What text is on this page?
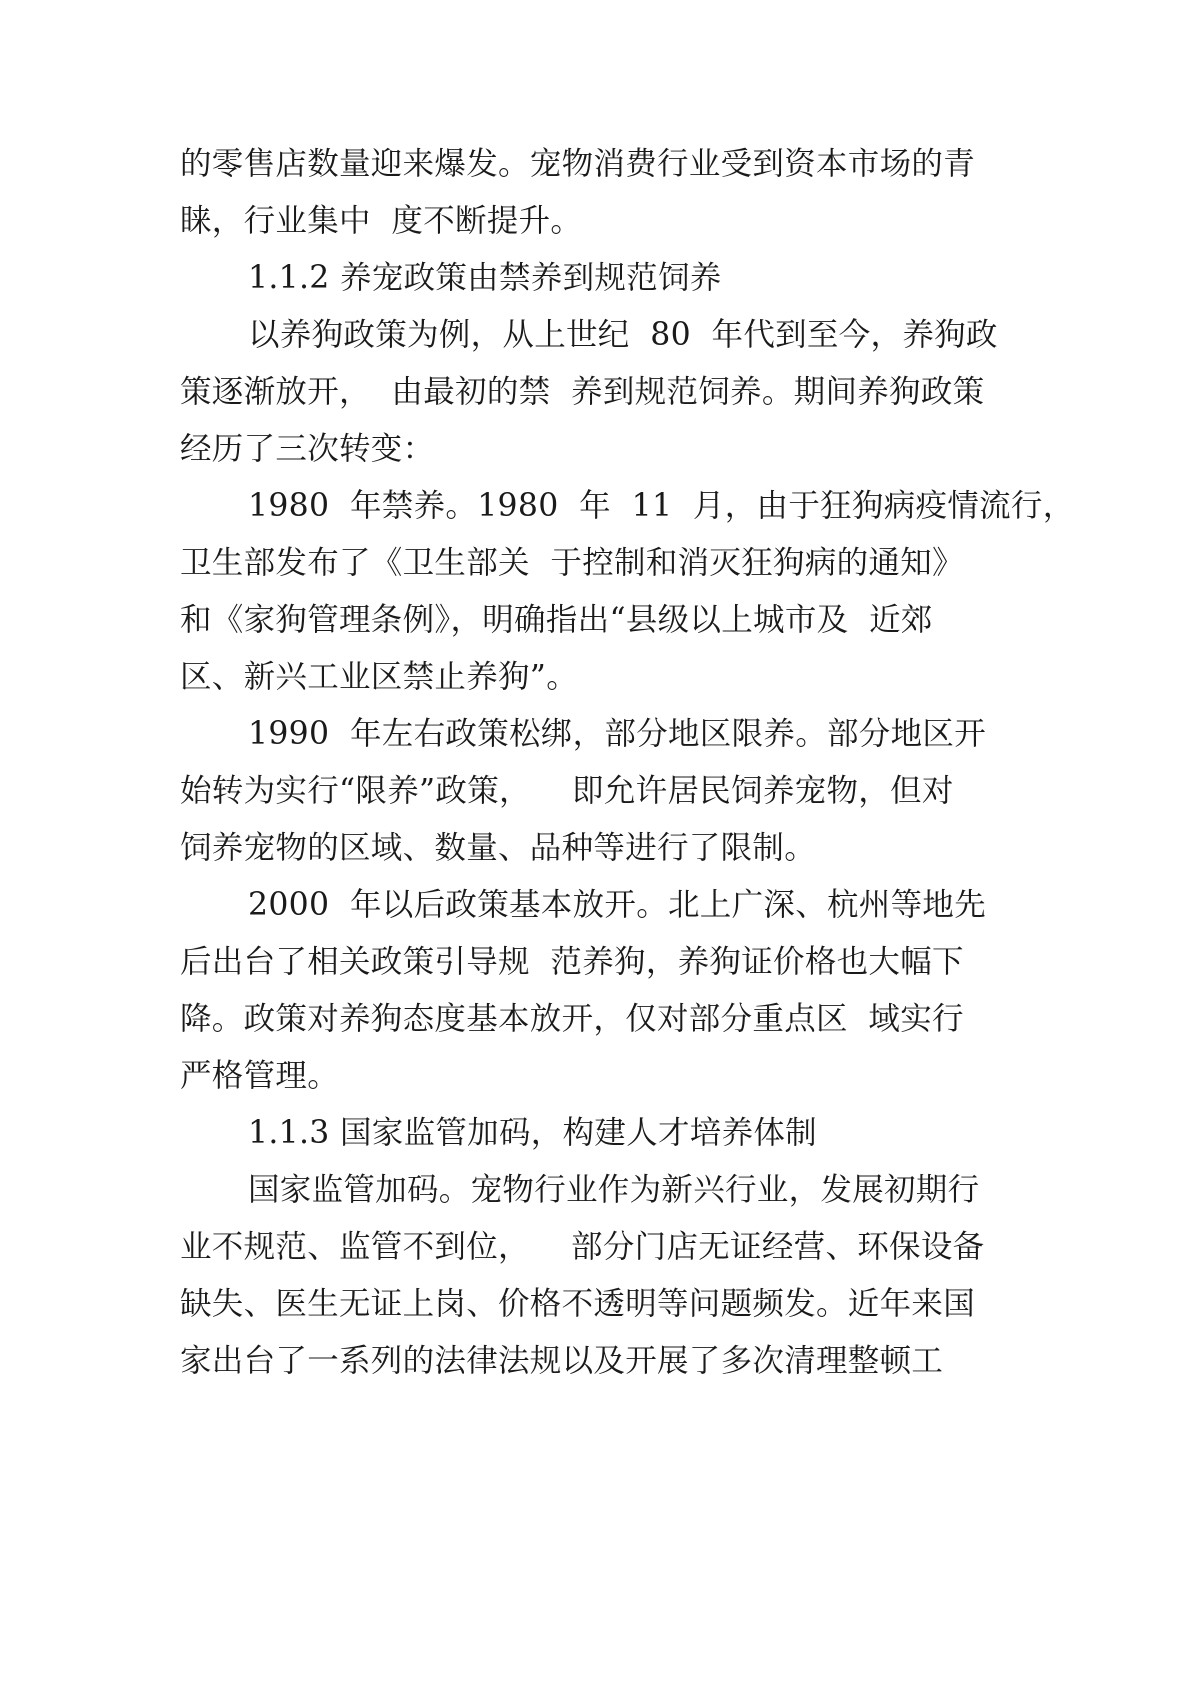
的零售店数量迎来爆发。宠物消费行业受到资本市场的青

睐，行业集中  度不断提升。

1.1.2 养宠政策由禁养到规范饲养

以养狗政策为例，从上世纪  80  年代到至今，养狗政

策逐渐放开，  由最初的禁  养到规范饲养。期间养狗政策

经历了三次转变：

1980  年禁养。1980  年  11  月，由于狂狗病疫情流行，

卫生部发布了《卫生部关  于控制和消灭狂狗病的通知》

和《家狗管理条例》，明确指出“县级以上城市及  近郊

区、新兴工业区禁止养狗”。

1990  年左右政策松绑，部分地区限养。部分地区开

始转为实行“限养”政策，    即允许居民饲养宠物，但对

饲养宠物的区域、数量、品种等进行了限制。

2000  年以后政策基本放开。北上广深、杭州等地先

后出台了相关政策引导规  范养狗，养狗证价格也大幅下

降。政策对养狗态度基本放开，仅对部分重点区  域实行

严格管理。

1.1.3 国家监管加码，构建人才培养体制

国家监管加码。宠物行业作为新兴行业，发展初期行

业不规范、监管不到位，    部分门店无证经营、环保设备

缺失、医生无证上岗、价格不透明等问题频发。近年来国

家出台了一系列的法律法规以及开展了多次清理整顿工
